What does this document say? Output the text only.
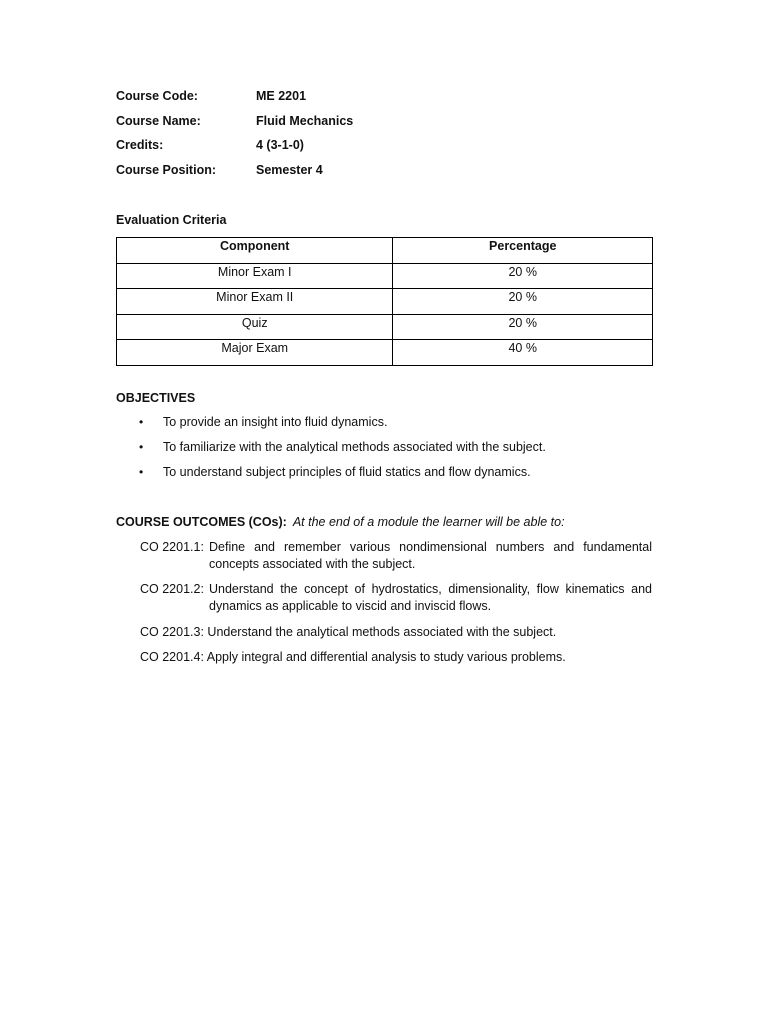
Course Code:	ME 2201
Course Name:	Fluid Mechanics
Credits:	4 (3-1-0)
Course Position:	Semester 4
Evaluation Criteria
Component	Percentage
Minor Exam I	20 %
Minor Exam II	20 %
Quiz	20 %
Major Exam	40 %
OBJECTIVES
• To provide an insight into fluid dynamics.
• To familiarize with the analytical methods associated with the subject.
• To understand subject principles of fluid statics and flow dynamics.
COURSE OUTCOMES (COs): At the end of a module the learner will be able to:
CO 2201.1: Define and remember various nondimensional numbers and fundamental concepts associated with the subject.
CO 2201.2: Understand the concept of hydrostatics, dimensionality, flow kinematics and dynamics as applicable to viscid and inviscid flows.
CO 2201.3: Understand the analytical methods associated with the subject.
CO 2201.4: Apply integral and differential analysis to study various problems.
